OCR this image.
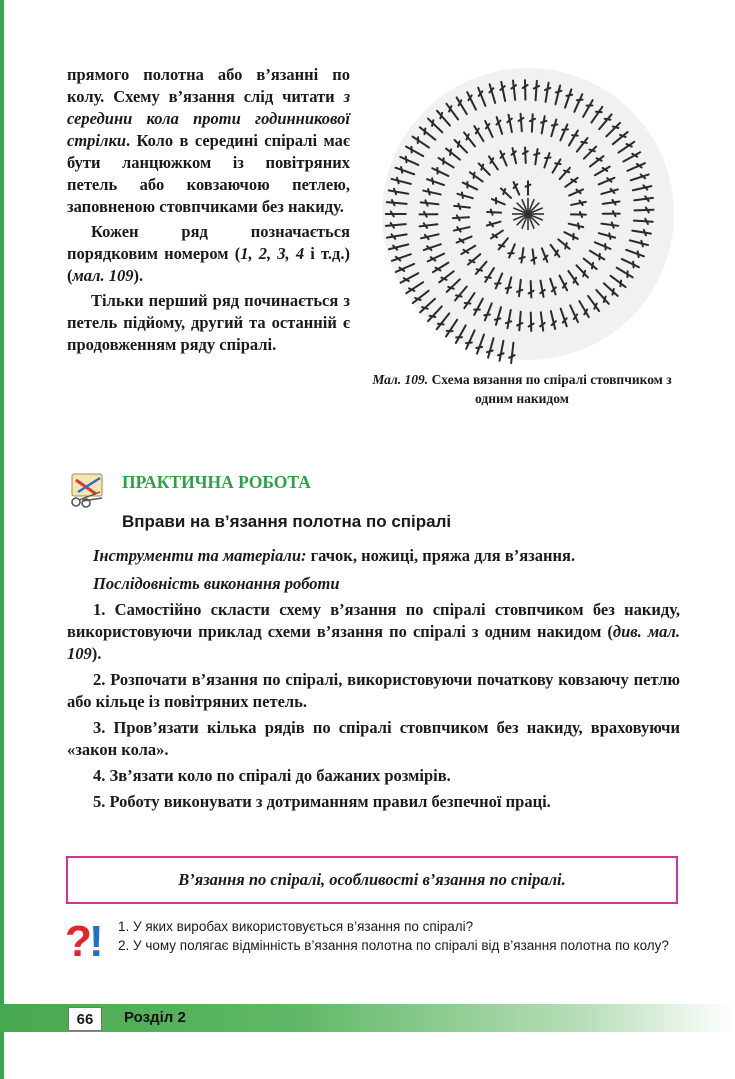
прямого полотна або в’язанні по колу. Схему в’язання слід читати з середини кола проти годинникової стрілки. Коло в середині спіралі має бути ланцюжком із повітряних петель або ковзаючою петлею, заповненою стовпчиками без накиду.

Кожен ряд позначається порядковим номером (1, 2, 3, 4 і т.д.) (мал. 109).

Тільки перший ряд починається з петель підйому, другий та останній є продовженням ряду спіралі.

Мал. 109. Схема вязання по спіралі стовпчиком з одним накидом
ПРАКТИЧНА РОБОТА
Вправи на в’язання полотна по спіралі

Інструменти та матеріали: гачок, ножиці, пряжа для в’язання.

Послідовність виконання роботи

1. Самостійно скласти схему в’язання по спіралі стовпчиком без накиду, використовуючи приклад схеми в’язання по спіралі з одним накидом (див. мал. 109).

2. Розпочати в’язання по спіралі, використовуючи початкову ковзаючу петлю або кільце із повітряних петель.

3. Пров’язати кілька рядів по спіралі стовпчиком без накиду, враховуючи «закон кола».

4. Зв’язати коло по спіралі до бажаних розмірів.

5. Роботу виконувати з дотриманням правил безпечної праці.

В’язання по спіралі, особливості в’язання по спіралі.
?
! 1. У яких виробах використовується в’язання по спіралі?
2. У чому полягає відмінність в’язання полотна по спіралі від в’язання полотна по колу?
66	Розділ 2
